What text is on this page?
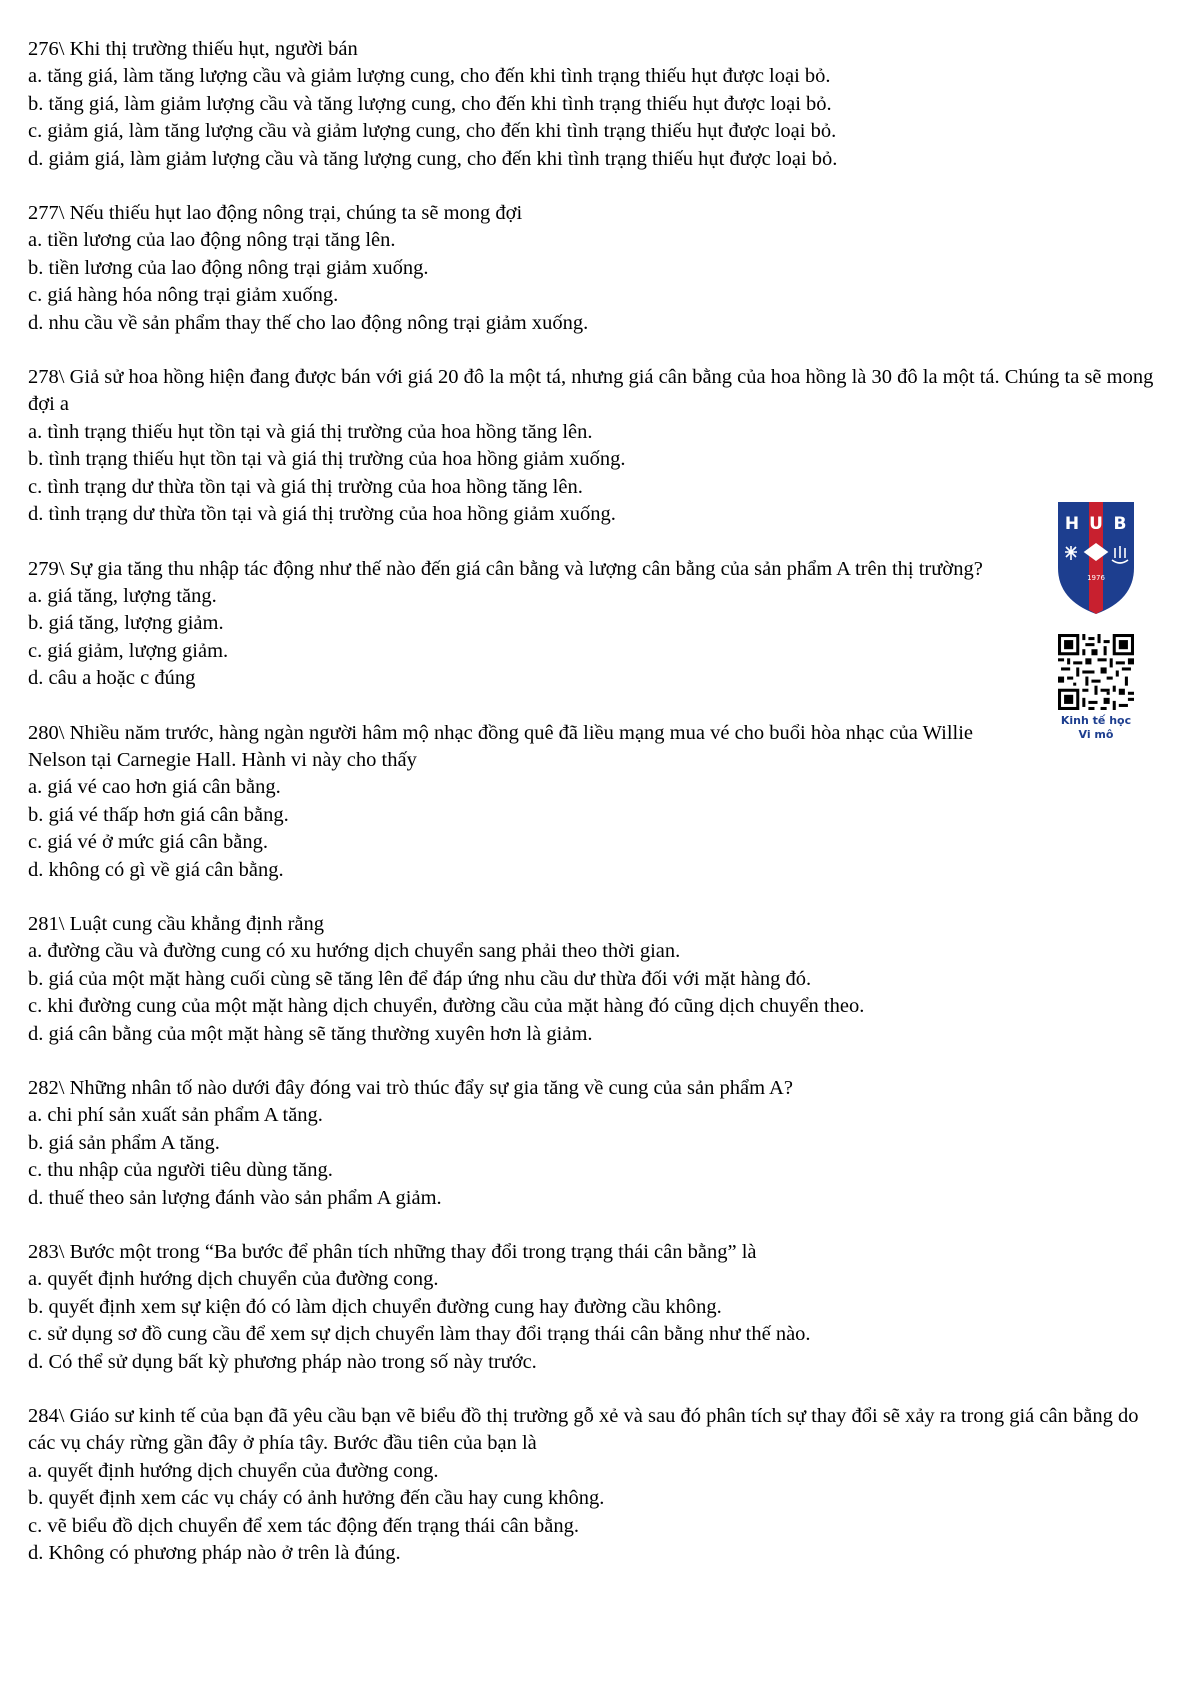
276\ Khi thị trường thiếu hụt, người bán

a. tăng giá, làm tăng lượng cầu và giảm lượng cung, cho đến khi tình trạng thiếu hụt được loại bỏ.

b. tăng giá, làm giảm lượng cầu và tăng lượng cung, cho đến khi tình trạng thiếu hụt được loại bỏ.

c. giảm giá, làm tăng lượng cầu và giảm lượng cung, cho đến khi tình trạng thiếu hụt được loại bỏ.

d. giảm giá, làm giảm lượng cầu và tăng lượng cung, cho đến khi tình trạng thiếu hụt được loại bỏ.

277\ Nếu thiếu hụt lao động nông trại, chúng ta sẽ mong đợi

a. tiền lương của lao động nông trại tăng lên.

b. tiền lương của lao động nông trại giảm xuống.

c. giá hàng hóa nông trại giảm xuống.

d. nhu cầu về sản phẩm thay thế cho lao động nông trại giảm xuống.

278\ Giả sử hoa hồng hiện đang được bán với giá 20 đô la một tá, nhưng giá cân bằng của hoa hồng là 30 đô la một tá. Chúng ta sẽ mong đợi a

a. tình trạng thiếu hụt tồn tại và giá thị trường của hoa hồng tăng lên.

b. tình trạng thiếu hụt tồn tại và giá thị trường của hoa hồng giảm xuống.

c. tình trạng dư thừa tồn tại và giá thị trường của hoa hồng tăng lên.

d. tình trạng dư thừa tồn tại và giá thị trường của hoa hồng giảm xuống.

279\ Sự gia tăng thu nhập tác động như thế nào đến giá cân bằng và lượng cân bằng của sản phẩm A trên thị trường?

a. giá tăng, lượng tăng.

b. giá tăng, lượng giảm.

c. giá giảm, lượng giảm.

d. câu a hoặc c đúng

280\ Nhiều năm trước, hàng ngàn người hâm mộ nhạc đồng quê đã liều mạng mua vé cho buổi hòa nhạc của Willie Nelson tại Carnegie Hall. Hành vi này cho thấy

a. giá vé cao hơn giá cân bằng.

b. giá vé thấp hơn giá cân bằng.

c. giá vé ở mức giá cân bằng.

d. không có gì về giá cân bằng.

281\ Luật cung cầu khẳng định rằng

a. đường cầu và đường cung có xu hướng dịch chuyển sang phải theo thời gian.

b. giá của một mặt hàng cuối cùng sẽ tăng lên để đáp ứng nhu cầu dư thừa đối với mặt hàng đó.

c. khi đường cung của một mặt hàng dịch chuyển, đường cầu của mặt hàng đó cũng dịch chuyển theo.

d. giá cân bằng của một mặt hàng sẽ tăng thường xuyên hơn là giảm.

282\ Những nhân tố nào dưới đây đóng vai trò thúc đẩy sự gia tăng về cung của sản phẩm A?

a. chi phí sản xuất sản phẩm A tăng.

b. giá sản phẩm A tăng.

c. thu nhập của người tiêu dùng tăng.

d. thuế theo sản lượng đánh vào sản phẩm A giảm.

283\ Bước một trong “Ba bước để phân tích những thay đổi trong trạng thái cân bằng” là

a. quyết định hướng dịch chuyển của đường cong.

b. quyết định xem sự kiện đó có làm dịch chuyển đường cung hay đường cầu không.

c. sử dụng sơ đồ cung cầu để xem sự dịch chuyển làm thay đổi trạng thái cân bằng như thế nào.

d. Có thể sử dụng bất kỳ phương pháp nào trong số này trước.

284\ Giáo sư kinh tế của bạn đã yêu cầu bạn vẽ biểu đồ thị trường gỗ xẻ và sau đó phân tích sự thay đổi sẽ xảy ra trong giá cân bằng do các vụ cháy rừng gần đây ở phía tây. Bước đầu tiên của bạn là

a. quyết định hướng dịch chuyển của đường cong.

b. quyết định xem các vụ cháy có ảnh hưởng đến cầu hay cung không.

c. vẽ biểu đồ dịch chuyển để xem tác động đến trạng thái cân bằng.

d. Không có phương pháp nào ở trên là đúng.

H U B
1976
Kinh tế học
Vi mô
